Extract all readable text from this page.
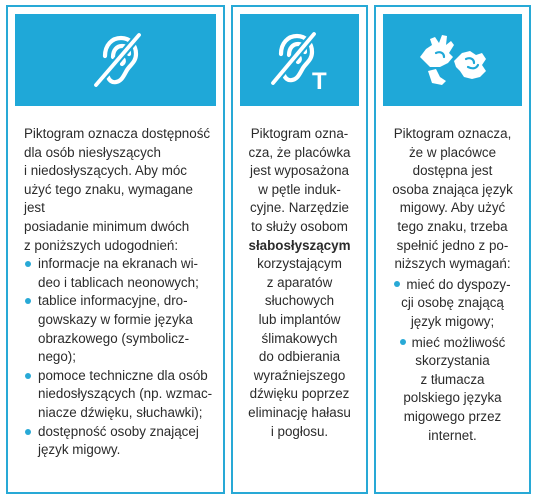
Piktogram oznacza dostępność
dla osób niesłyszących
i niedosłyszących. Aby móc
użyć tego znaku, wymagane jest
posiadanie minimum dwóch
z poniższych udogodnień:

informacje na ekranach wi-
deo i tablicach neonowych;
tablice informacyjne, dro-
gowskazy w formie języka
obrazkowego (symbolicz-
nego);
pomoce techniczne dla osób
niedosłyszących (np. wzmac-
niacze dźwięku, słuchawki);
dostępność osoby znającej
język migowy.
T

Piktogram ozna-
cza, że placówka
jest wyposażona
w pętle induk-
cyjne. Narzędzie
to służy osobom
słabosłyszącym
korzystającym
z aparatów
słuchowych
lub implantów
ślimakowych
do odbierania
wyraźniejszego
dźwięku poprzez
eliminację hałasu
i pogłosu.

Piktogram oznacza,
że w placówce
dostępna jest
osoba znająca język
migowy. Aby użyć
tego znaku, trzeba
spełnić jedno z po-
niższych wymagań:

mieć do dyspozy-
cji osobę znającą
język migowy;
mieć możliwość
skorzystania
z tłumacza
polskiego języka
migowego przez
internet.
